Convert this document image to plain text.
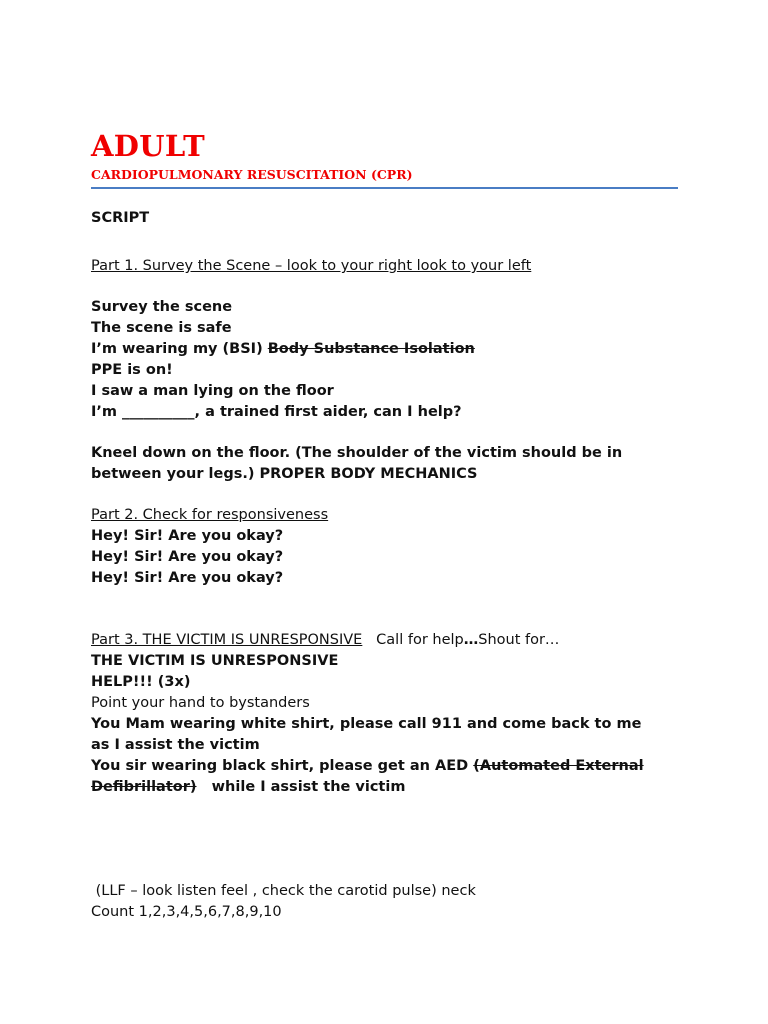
ADULT
CARDIOPULMONARY RESUSCITATION (CPR)
SCRIPT
Part 1. Survey the Scene – look to your right look to your left
Survey the scene
The scene is safe
I’m wearing my (BSI) Body Substance Isolation
PPE is on!
I saw a man lying on the floor
I’m __________, a trained first aider, can I help?
Kneel down on the floor. (The shoulder of the victim should be in
between your legs.) PROPER BODY MECHANICS
Part 2. Check for responsiveness
Hey! Sir! Are you okay?
Hey! Sir! Are you okay?
Hey! Sir! Are you okay?
Part 3. THE VICTIM IS UNRESPONSIVE   Call for help…Shout for…
THE VICTIM IS UNRESPONSIVE
HELP!!! (3x)
Point your hand to bystanders
You Mam wearing white shirt, please call 911 and come back to me
as I assist the victim
You sir wearing black shirt, please get an AED (Automated External
Defibrillator)   while I assist the victim
(LLF – look listen feel , check the carotid pulse) neck
Count 1,2,3,4,5,6,7,8,9,10
